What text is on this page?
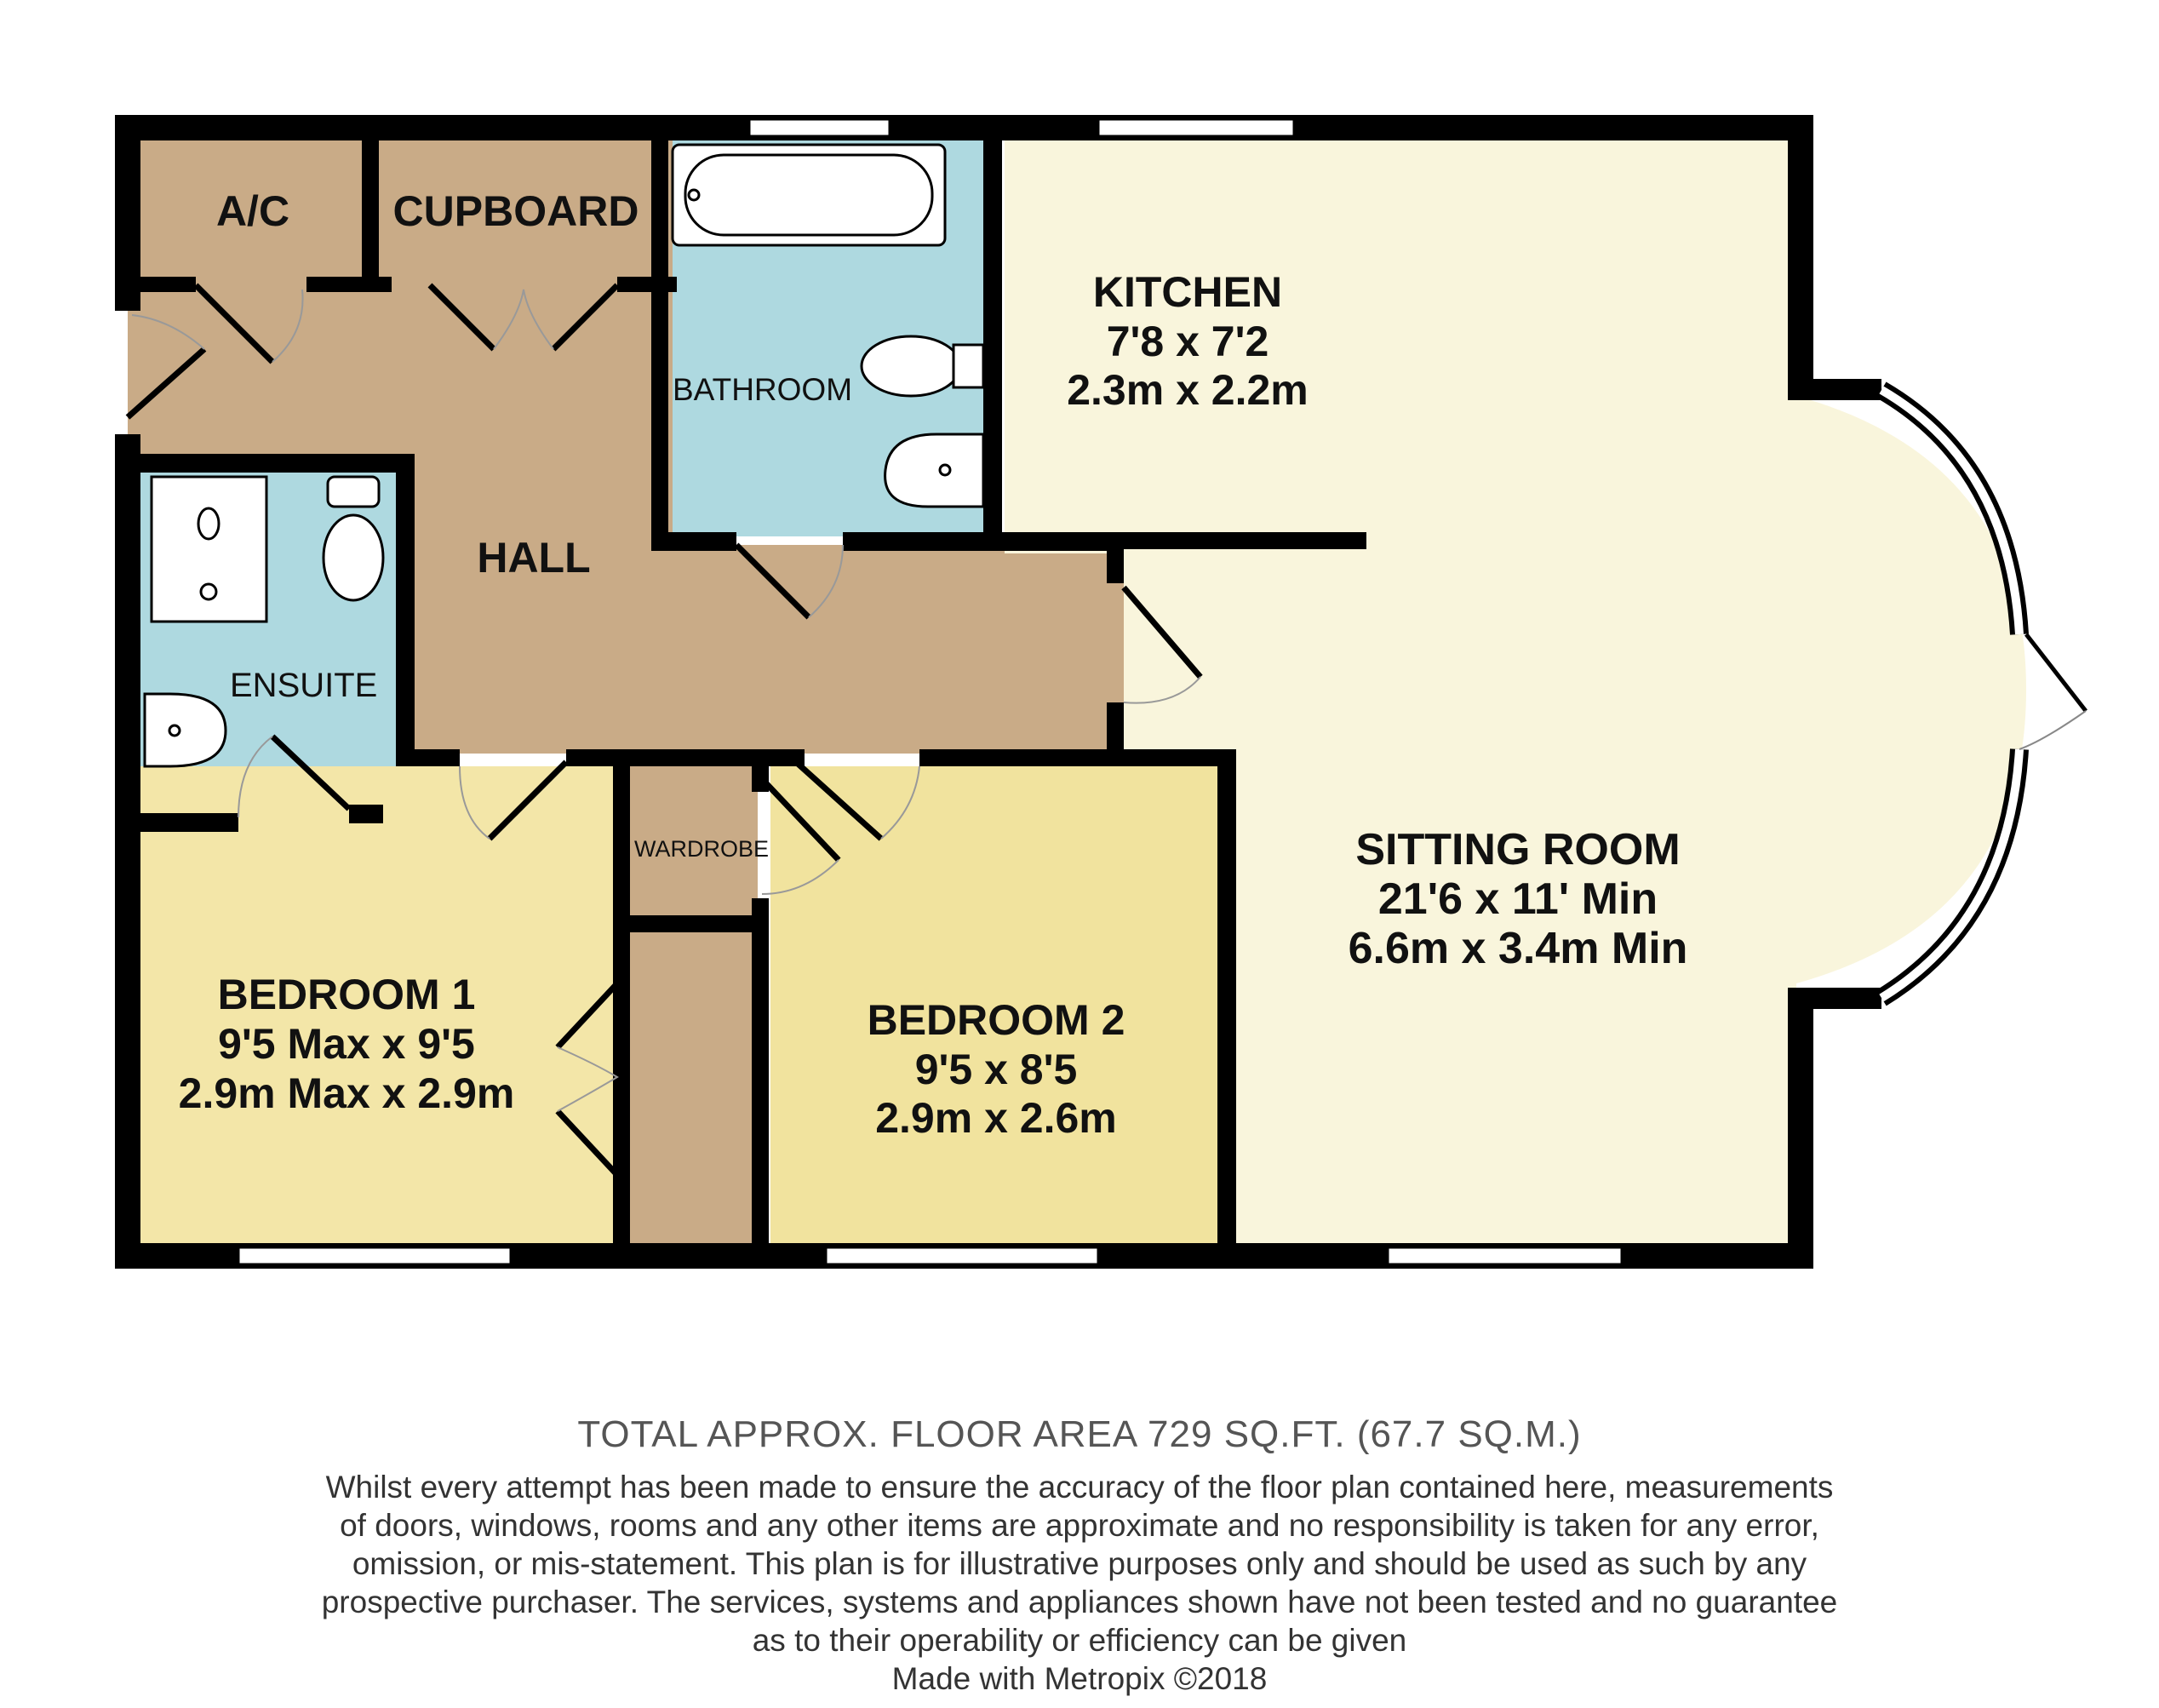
A/C CUPBOARD
BATHROOM
KITCHEN
7'8 x 7'2
2.3m x 2.2m
HALL
ENSUITE
WARDROBE
BEDROOM 1
9'5 Max x 9'5
2.9m Max x 2.9m
BEDROOM 2
9'5 x 8'5
2.9m x 2.6m
SITTING ROOM
21'6 x 11' Min
6.6m x 3.4m Min
TOTAL APPROX. FLOOR AREA 729 SQ.FT. (67.7 SQ.M.)
Whilst every attempt has been made to ensure the accuracy of the floor plan contained here, measurements
of doors, windows, rooms and any other items are approximate and no responsibility is taken for any error,
omission, or mis-statement. This plan is for illustrative purposes only and should be used as such by any
prospective purchaser. The services, systems and appliances shown have not been tested and no guarantee
as to their operability or efficiency can be given
Made with Metropix ©2018
